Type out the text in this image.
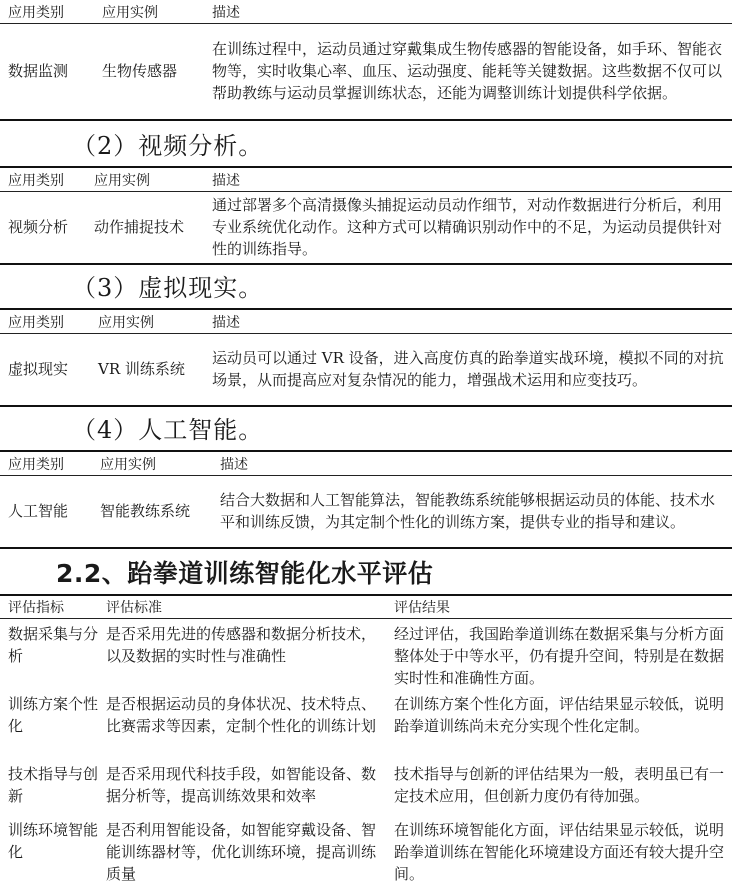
应用类别	应用实例	描述
数据监测	生物传感器	在训练过程中，运动员通过穿戴集成生物传感器的智能设备，如手环、智能衣物等，实时收集心率、血压、运动强度、能耗等关键数据。这些数据不仅可以帮助教练与运动员掌握训练状态，还能为调整训练计划提供科学依据。
（2）视频分析。
应用类别	应用实例	描述
视频分析	动作捕捉技术	通过部署多个高清摄像头捕捉运动员动作细节，对动作数据进行分析后，利用专业系统优化动作。这种方式可以精确识别动作中的不足，为运动员提供针对性的训练指导。
（3）虚拟现实。
应用类别	应用实例	描述
虚拟现实	VR 训练系统	运动员可以通过 VR 设备，进入高度仿真的跆拳道实战环境，模拟不同的对抗场景，从而提高应对复杂情况的能力，增强战术运用和应变技巧。
（4）人工智能。
应用类别	应用实例	描述
人工智能	智能教练系统	结合大数据和人工智能算法，智能教练系统能够根据运动员的体能、技术水平和训练反馈，为其定制个性化的训练方案，提供专业的指导和建议。
2.2、跆拳道训练智能化水平评估
评估指标	评估标准	评估结果
数据采集与分析	是否采用先进的传感器和数据分析技术，以及数据的实时性与准确性	经过评估，我国跆拳道训练在数据采集与分析方面整体处于中等水平，仍有提升空间，特别是在数据实时性和准确性方面。
训练方案个性化	是否根据运动员的身体状况、技术特点、比赛需求等因素，定制个性化的训练计划	在训练方案个性化方面，评估结果显示较低，说明跆拳道训练尚未充分实现个性化定制。
技术指导与创新	是否采用现代科技手段，如智能设备、数据分析等，提高训练效果和效率	技术指导与创新的评估结果为一般，表明虽已有一定技术应用，但创新力度仍有待加强。
训练环境智能化	是否利用智能设备，如智能穿戴设备、智能训练器材等，优化训练环境，提高训练质量	在训练环境智能化方面，评估结果显示较低，说明跆拳道训练在智能化环境建设方面还有较大提升空间。
